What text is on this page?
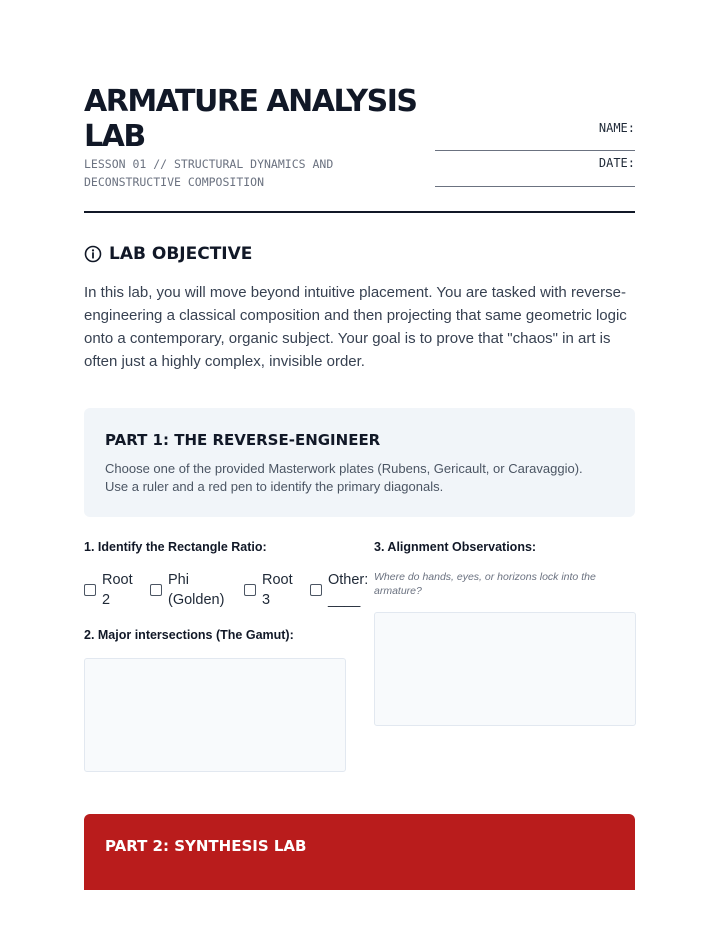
ARMATURE ANALYSIS LAB
LESSON 01 // STRUCTURAL DYNAMICS AND DECONSTRUCTIVE COMPOSITION
NAME:
DATE:
LAB OBJECTIVE
In this lab, you will move beyond intuitive placement. You are tasked with reverse-engineering a classical composition and then projecting that same geometric logic onto a contemporary, organic subject. Your goal is to prove that "chaos" in art is often just a highly complex, invisible order.
PART 1: THE REVERSE-ENGINEER
Choose one of the provided Masterwork plates (Rubens, Gericault, or Caravaggio). Use a ruler and a red pen to identify the primary diagonals.
1. Identify the Rectangle Ratio:
Root 2
Phi (Golden)
Root 3
Other: ____
2. Major intersections (The Gamut):
3. Alignment Observations:
Where do hands, eyes, or horizons lock into the armature?
PART 2: SYNTHESIS LAB
